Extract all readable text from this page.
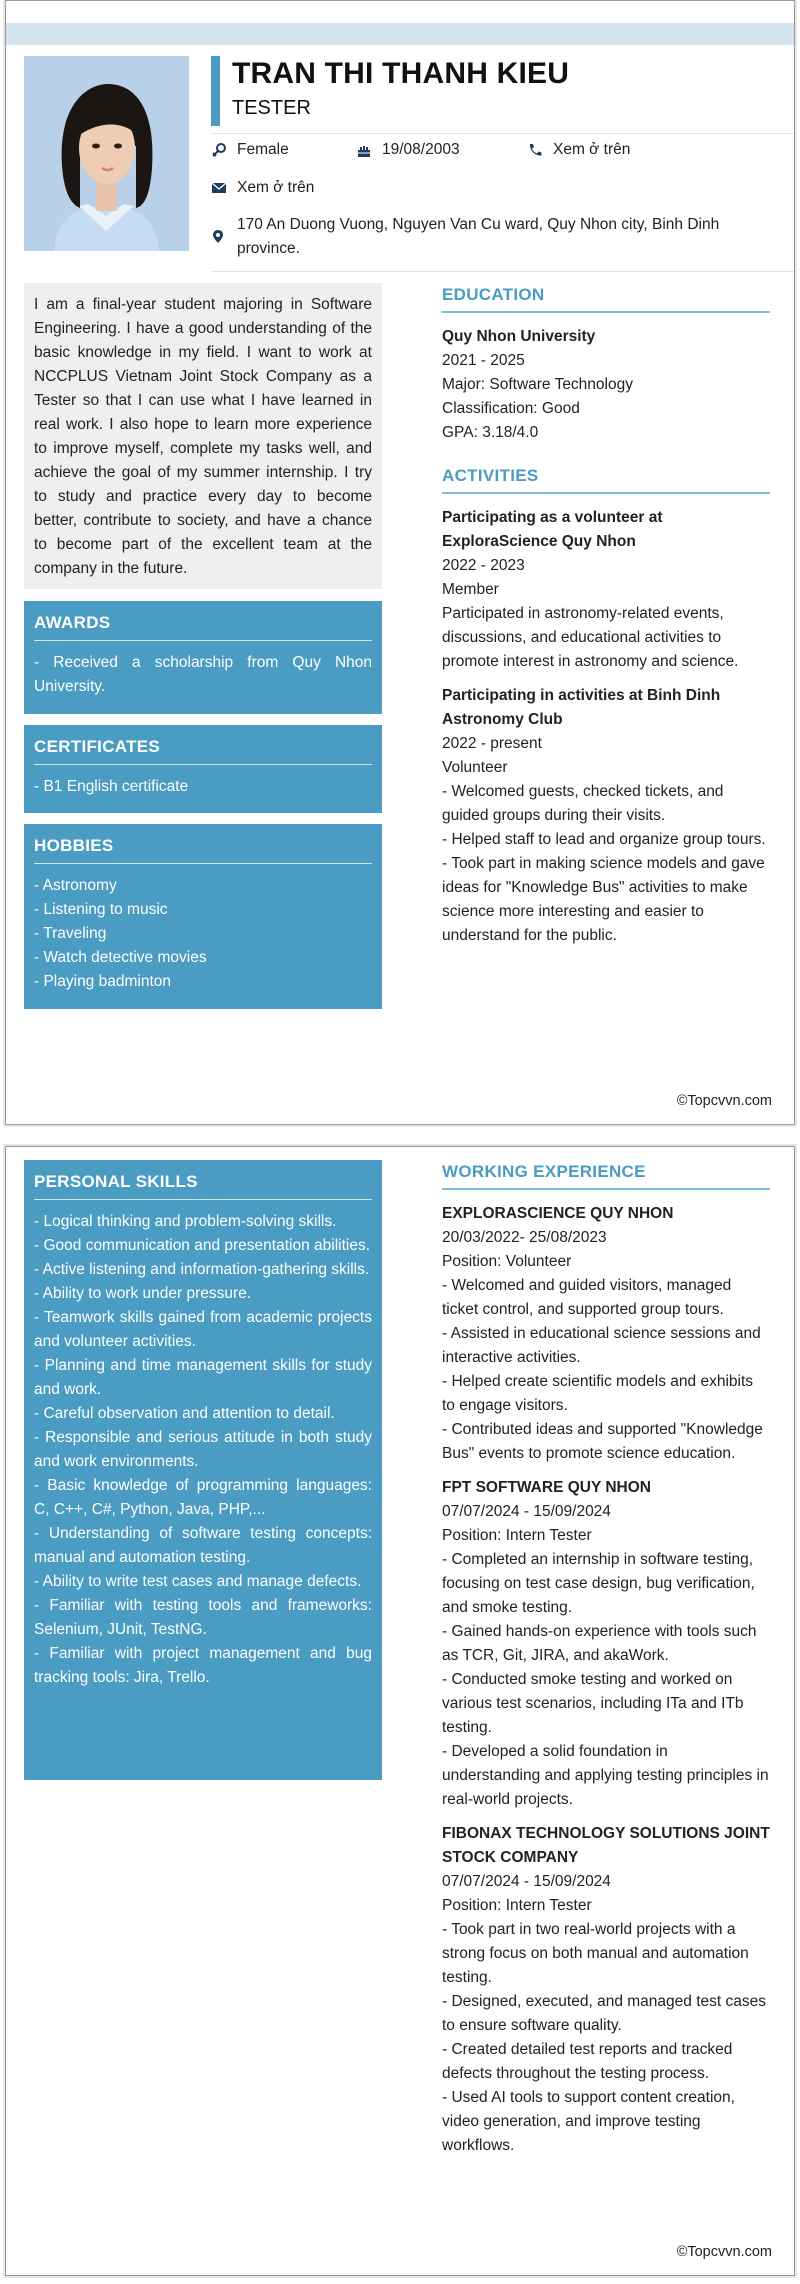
TRAN THI THANH KIEU
TESTER
Female	19/08/2003	Xem ở trên
Xem ở trên
170 An Duong Vuong, Nguyen Van Cu ward, Quy Nhon city, Binh Dinh
province.
I am a final-year student majoring in Software Engineering. I have a good understanding of the basic knowledge in my field. I want to work at NCCPLUS Vietnam Joint Stock Company as a Tester so that I can use what I have learned in real work. I also hope to learn more experience to improve myself, complete my tasks well, and achieve the goal of my summer internship. I try to study and practice every day to become better, contribute to society, and have a chance to become part of the excellent team at the company in the future.
AWARDS
- Received a scholarship from Quy Nhon University.
CERTIFICATES
- B1 English certificate
HOBBIES
- Astronomy
- Listening to music
- Traveling
- Watch detective movies
- Playing badminton
EDUCATION
Quy Nhon University
2021 - 2025
Major: Software Technology
Classification: Good
GPA: 3.18/4.0
ACTIVITIES
Participating as a volunteer at ExploraScience Quy Nhon
2022 - 2023
Member
Participated in astronomy-related events, discussions, and educational activities to promote interest in astronomy and science.
Participating in activities at Binh Dinh Astronomy Club
2022 - present
Volunteer
- Welcomed guests, checked tickets, and guided groups during their visits.
- Helped staff to lead and organize group tours.
- Took part in making science models and gave ideas for "Knowledge Bus" activities to make science more interesting and easier to understand for the public.
©Topcvvn.com
PERSONAL SKILLS
- Logical thinking and problem-solving skills.
- Good communication and presentation abilities.
- Active listening and information-gathering skills.
- Ability to work under pressure.
- Teamwork skills gained from academic projects and volunteer activities.
- Planning and time management skills for study and work.
- Careful observation and attention to detail.
- Responsible and serious attitude in both study and work environments.
- Basic knowledge of programming languages: C, C++, C#, Python, Java, PHP,...
- Understanding of software testing concepts: manual and automation testing.
- Ability to write test cases and manage defects.
- Familiar with testing tools and frameworks: Selenium, JUnit, TestNG.
- Familiar with project management and bug tracking tools: Jira, Trello.
WORKING EXPERIENCE
EXPLORASCIENCE QUY NHON
20/03/2022- 25/08/2023
Position: Volunteer
- Welcomed and guided visitors, managed ticket control, and supported group tours.
- Assisted in educational science sessions and interactive activities.
- Helped create scientific models and exhibits to engage visitors.
- Contributed ideas and supported "Knowledge Bus" events to promote science education.
FPT SOFTWARE QUY NHON
07/07/2024 - 15/09/2024
Position: Intern Tester
- Completed an internship in software testing, focusing on test case design, bug verification, and smoke testing.
- Gained hands-on experience with tools such as TCR, Git, JIRA, and akaWork.
- Conducted smoke testing and worked on various test scenarios, including ITa and ITb testing.
- Developed a solid foundation in understanding and applying testing principles in real-world projects.
FIBONAX TECHNOLOGY SOLUTIONS JOINT STOCK COMPANY
07/07/2024 - 15/09/2024
Position: Intern Tester
- Took part in two real-world projects with a strong focus on both manual and automation testing.
- Designed, executed, and managed test cases to ensure software quality.
- Created detailed test reports and tracked defects throughout the testing process.
- Used AI tools to support content creation, video generation, and improve testing workflows.
©Topcvvn.com
